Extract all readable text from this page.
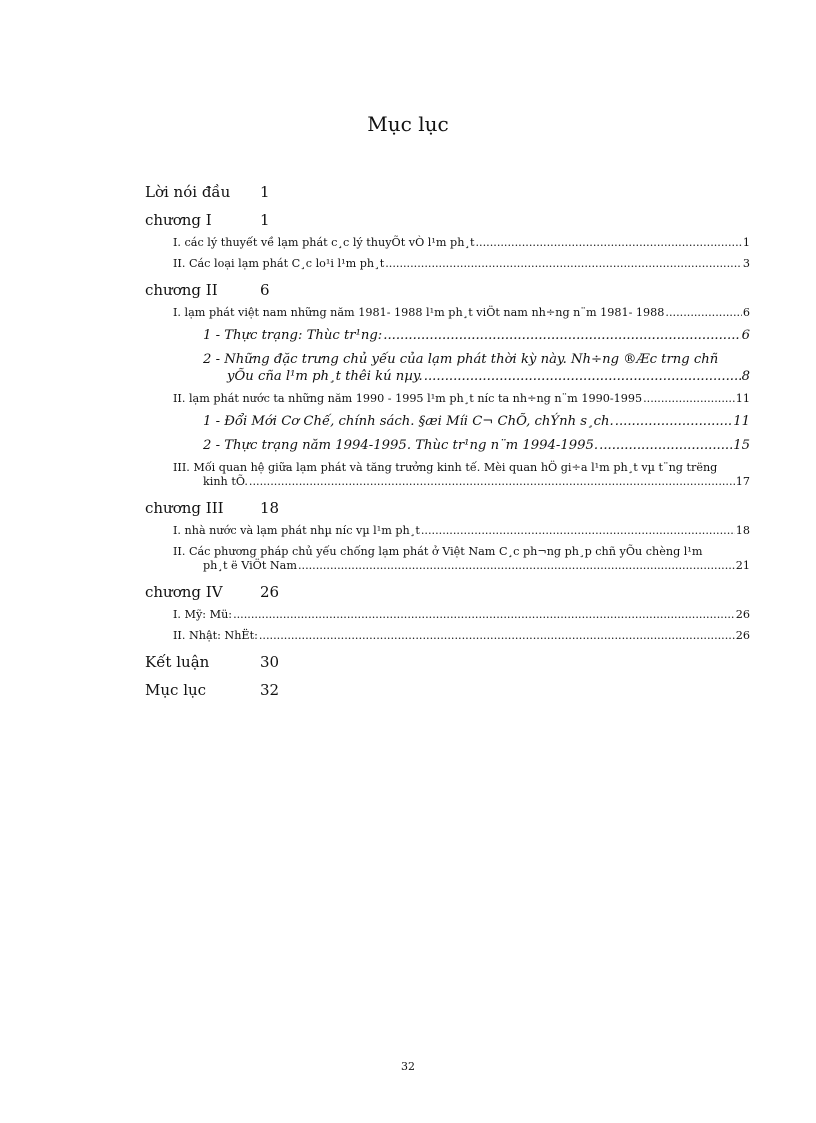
Mục lục
Lời nói đầu	1
chương I	1
I. các lý thuyết về lạm phát c¸c lý thuyÕt vÒ l¹m ph¸t .....	1
II. Các loại lạm phát C¸c lo¹i l¹m ph¸t .....	3
chương II	6
I. lạm phát việt nam những năm 1981- 1988 l¹m ph¸t viÖt nam nh÷ng n¨m 1981- 1988 .....	6
1 - Thực trạng: Thùc tr¹ng: .....	6
2 - Những đặc trưng chủ yếu của lạm phát thời kỳ này. Nh÷ng ®Æc trng chñ
yÕu cña l¹m ph¸t thêi kú nµy. .....	8
II. lạm phát nước ta những năm 1990 - 1995 l¹m ph¸t níc ta nh÷ng n¨m 1990-1995 .....	11
1 - Đổi Mới Cơ Chế, chính sách. §æi Míi C¬ ChÕ, chÝnh s¸ch. .....	11
2 - Thực trạng năm 1994-1995. Thùc tr¹ng n¨m 1994-1995. .....	15
III. Mối quan hệ giữa lạm phát và tăng trưởng kinh tế. Mèi quan hÖ gi÷a l¹m ph¸t vµ t¨ng trëng
kinh tÕ. .....	17
chương III	18
I. nhà nước và lạm phát nhµ níc vµ l¹m ph¸t .....	18
II. Các phương pháp chủ yếu chống lạm phát ở Việt Nam C¸c ph¬ng ph¸p chñ yÕu chèng l¹m
ph¸t ë ViÖt Nam .....	21
chương IV	26
I. Mỹ: Mü: .....	26
II. Nhật: NhËt: .....	26
Kết luận	30
Mục lục	32
32
